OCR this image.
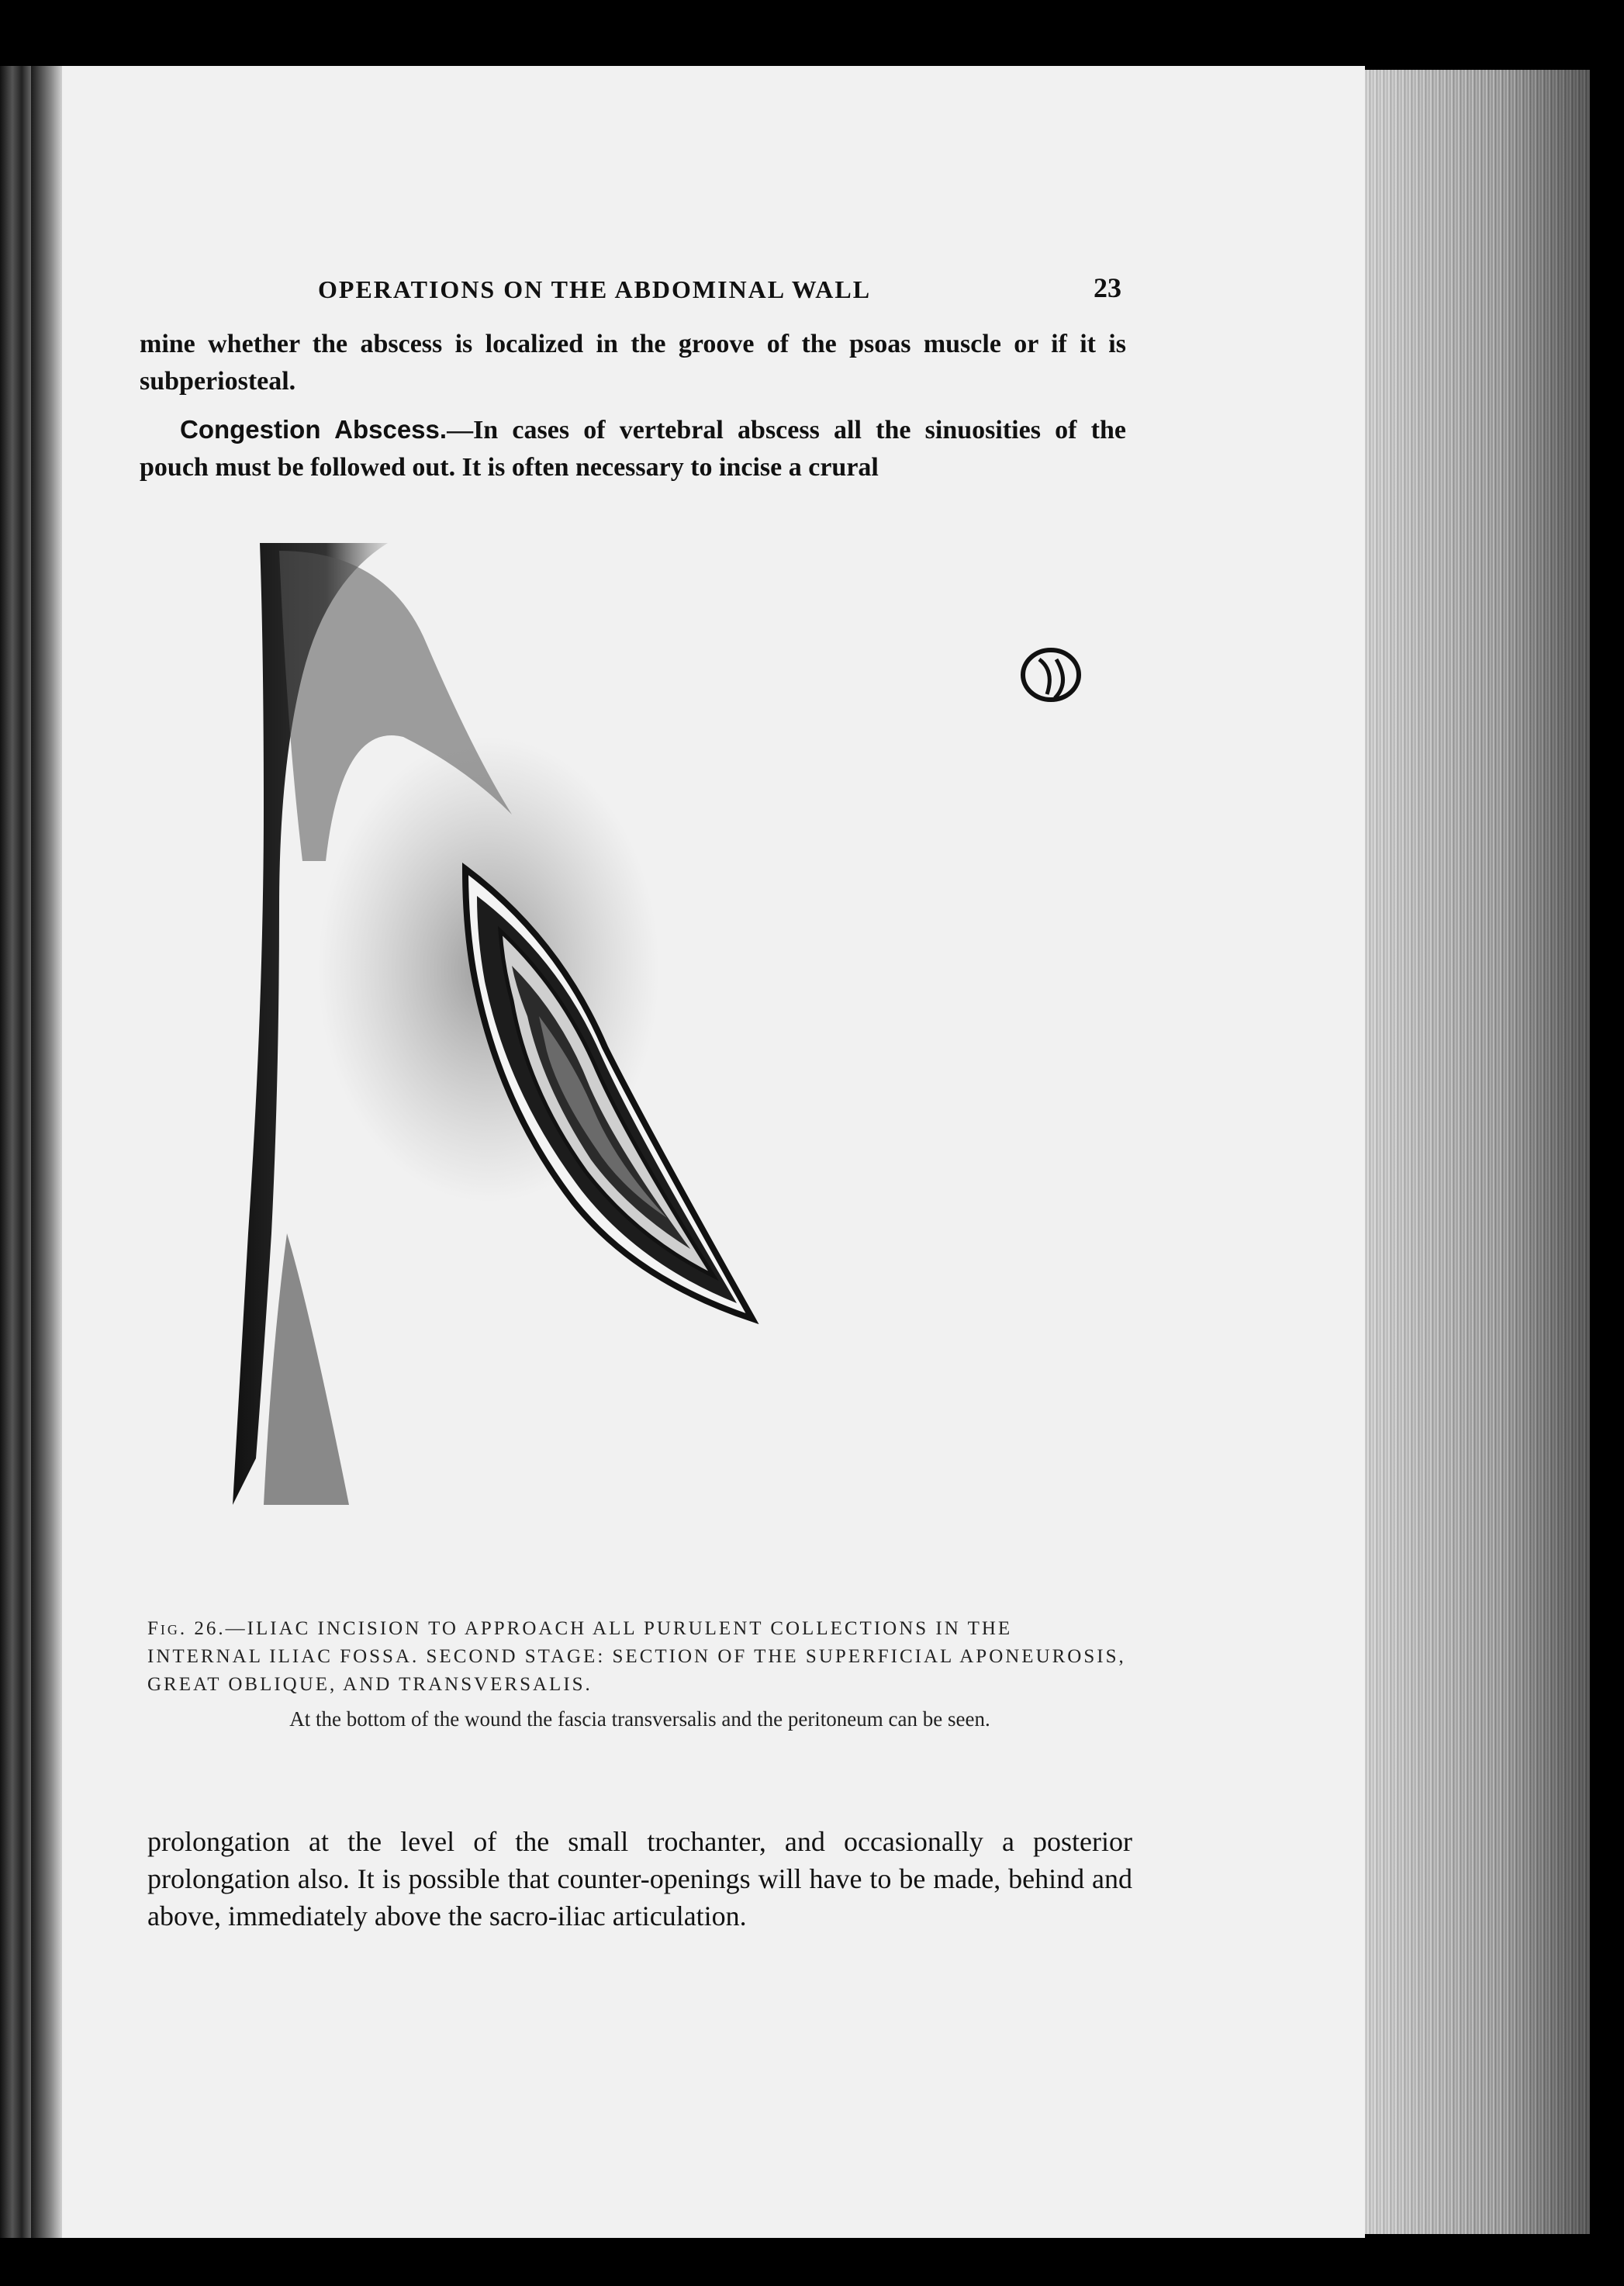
OPERATIONS ON THE ABDOMINAL WALL	23
mine whether the abscess is localized in the groove of the psoas muscle or if it is subperiosteal.
Congestion Abscess.—In cases of vertebral abscess all the sinuosities of the pouch must be followed out. It is often necessary to incise a crural
Fig. 26.—ILIAC INCISION TO APPROACH ALL PURULENT COLLECTIONS IN THE INTERNAL ILIAC FOSSA. SECOND STAGE: SECTION OF THE SUPERFICIAL APONEUROSIS, GREAT OBLIQUE, AND TRANSVERSALIS.
At the bottom of the wound the fascia transversalis and the peritoneum can be seen.
prolongation at the level of the small trochanter, and occasionally a posterior prolongation also. It is possible that counter-openings will have to be made, behind and above, immediately above the sacro-iliac articulation.
